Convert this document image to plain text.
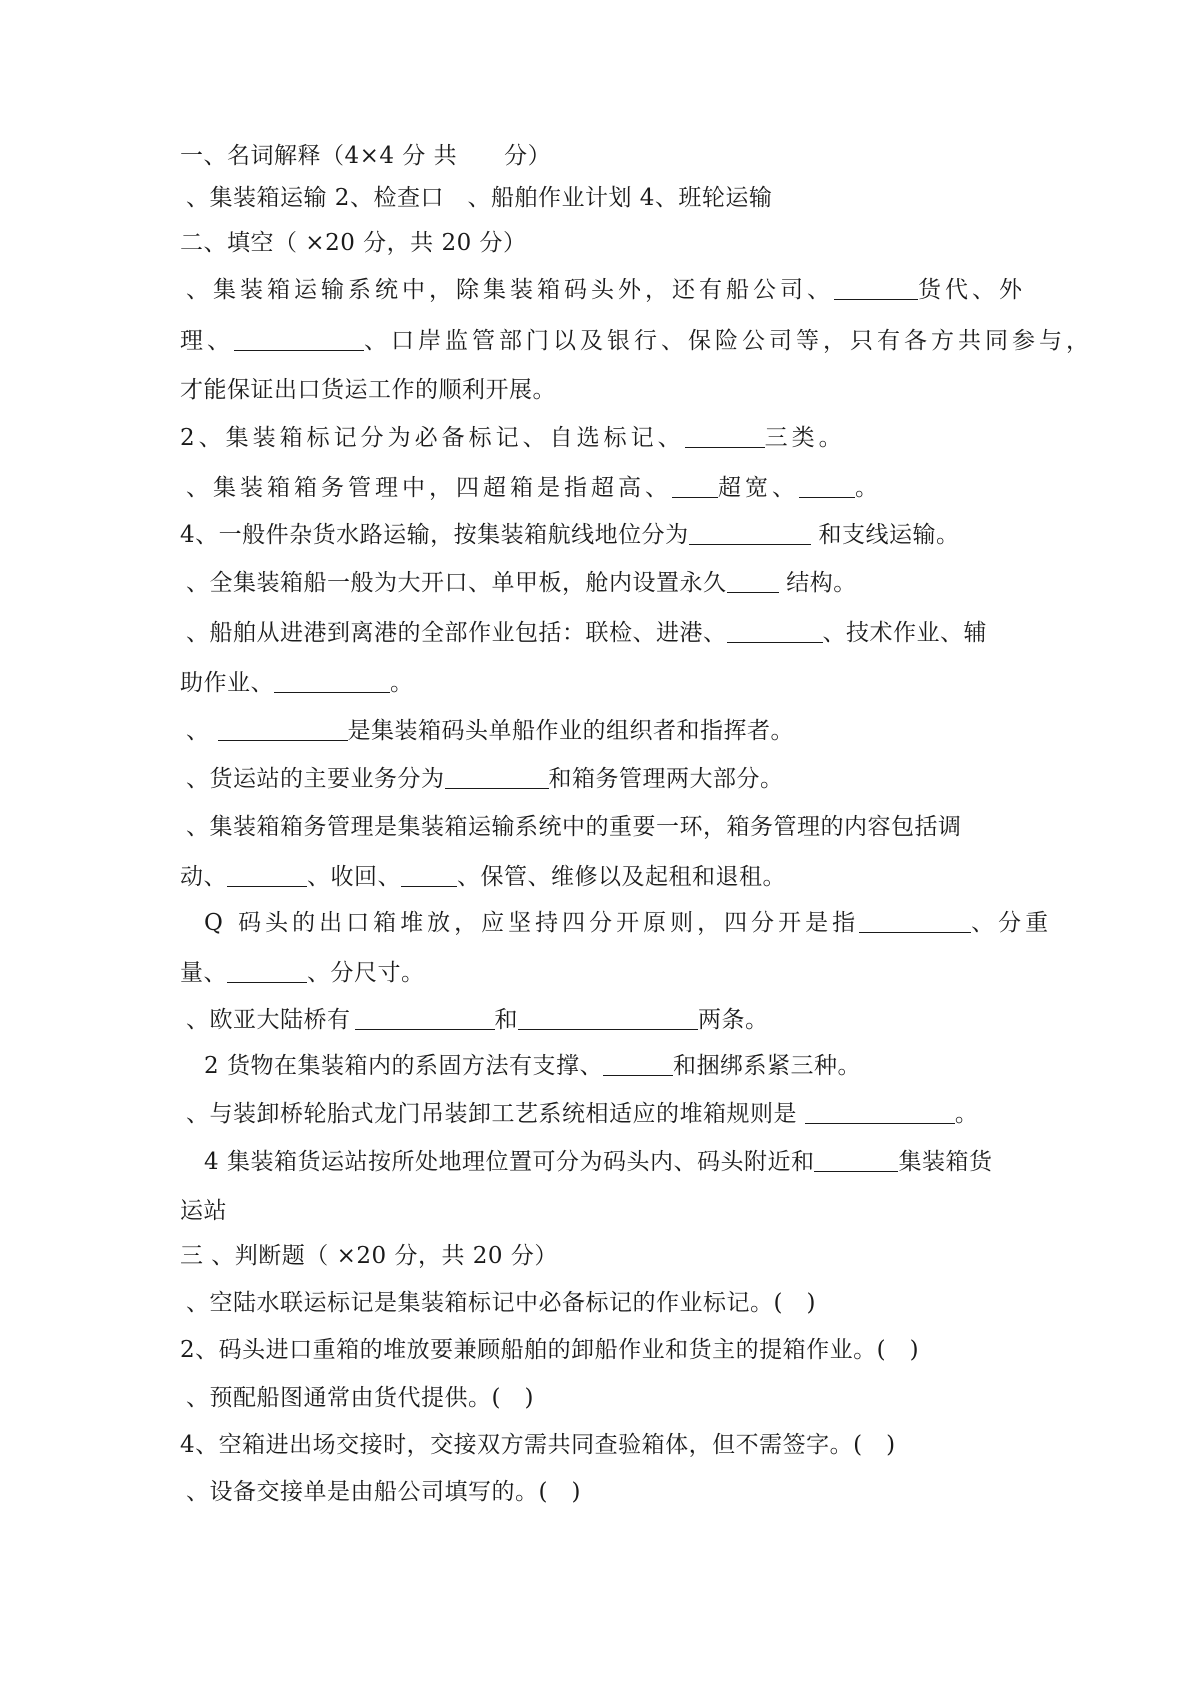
一、名词解释（4×4 分 共　　分）
、集装箱运输 2、检查口　、船舶作业计划 4、班轮运输
二、填空（ ×20 分，共 20 分）
、集装箱运输系统中，除集装箱码头外，还有船公司、	货代、外
理、	、口岸监管部门以及银行、保险公司等，只有各方共同参与，
才能保证出口货运工作的顺利开展。
2、集装箱标记分为必备标记、自选标记、	三类。
、集装箱箱务管理中，四超箱是指超高、 超宽、 。
4、一般件杂货水路运输，按集装箱航线地位分为	和支线运输。
、全集装箱船一般为大开口、单甲板，舱内设置永久 结构。
、船舶从进港到离港的全部作业包括：联检、进港、	、技术作业、辅
助作业、	。
、	是集装箱码头单船作业的组织者和指挥者。
、货运站的主要业务分为	和箱务管理两大部分。
、集装箱箱务管理是集装箱运输系统中的重要一环，箱务管理的内容包括调
动、	、收回、 、保管、维修以及起租和退租。
Q 码头的出口箱堆放，应坚持四分开原则，四分开是指	、分重
量、	、分尺寸。
、欧亚大陆桥有	和	两条。
2 货物在集装箱内的系固方法有支撑、	和捆绑系紧三种。
、与装卸桥轮胎式龙门吊装卸工艺系统相适应的堆箱规则是	。
4 集装箱货运站按所处地理位置可分为码头内、码头附近和	集装箱货
运站
三 、判断题（ ×20 分，共 20 分）
、空陆水联运标记是集装箱标记中必备标记的作业标记。(　)
2、码头进口重箱的堆放要兼顾船舶的卸船作业和货主的提箱作业。(　)
、预配船图通常由货代提供。(　)
4、空箱进出场交接时，交接双方需共同查验箱体，但不需签字。(　)
、设备交接单是由船公司填写的。(　)
